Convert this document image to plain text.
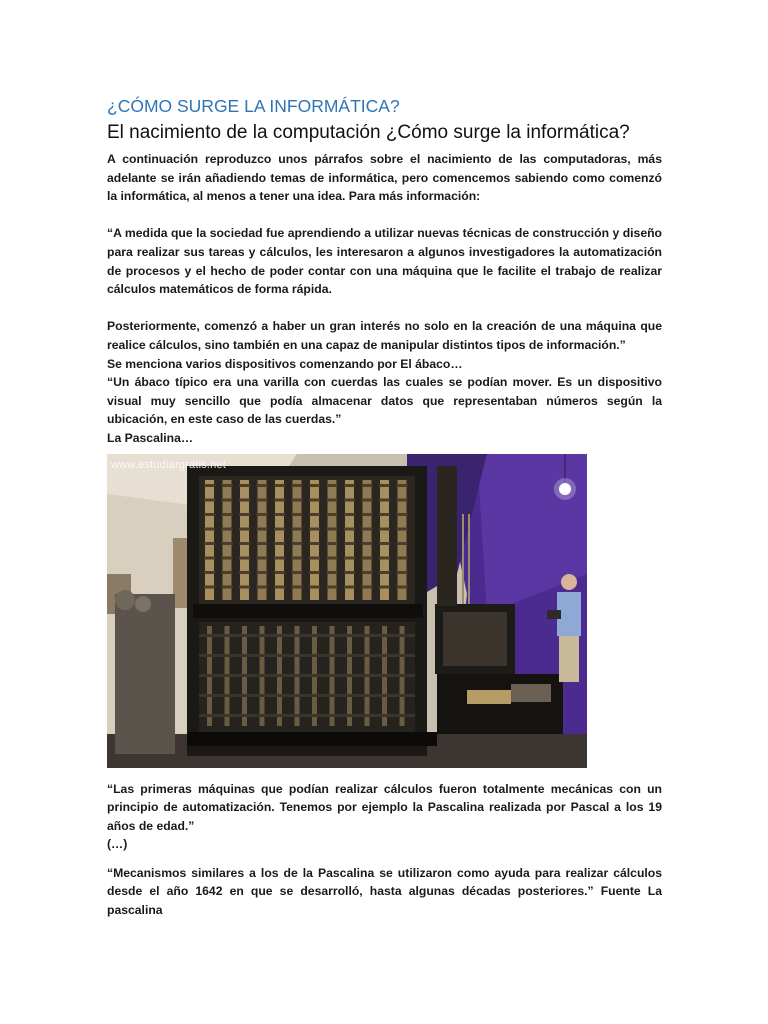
¿CÓMO SURGE LA INFORMÁTICA?
El nacimiento de la computación ¿Cómo surge la informática?

A continuación reproduzco unos párrafos sobre el nacimiento de las computadoras, más adelante se irán añadiendo temas de informática, pero comencemos sabiendo como comenzó la informática, al menos a tener una idea. Para más información:

“A medida que la sociedad fue aprendiendo a utilizar nuevas técnicas de construcción y diseño para realizar sus tareas y cálculos, les interesaron a algunos investigadores la automatización de procesos y el hecho de poder contar con una máquina que le facilite el trabajo de realizar cálculos matemáticos de forma rápida.

Posteriormente, comenzó a haber un gran interés no solo en la creación de una máquina que realice cálculos, sino también en una capaz de manipular distintos tipos de información.”

Se menciona varios dispositivos comenzando por El ábaco…

“Un ábaco típico era una varilla con cuerdas las cuales se podían mover. Es un dispositivo visual muy sencillo que podía almacenar datos que representaban números según la ubicación, en este caso de las cuerdas.”

La Pascalina…

www.estudiargratis.net

“Las primeras máquinas que podían realizar cálculos fueron totalmente mecánicas con un principio de automatización. Tenemos por ejemplo la Pascalina realizada por Pascal a los 19 años de edad.”

(…)

“Mecanismos similares a los de la Pascalina se utilizaron como ayuda para realizar cálculos desde el año 1642 en que se desarrolló, hasta algunas décadas posteriores.” Fuente La pascalina
